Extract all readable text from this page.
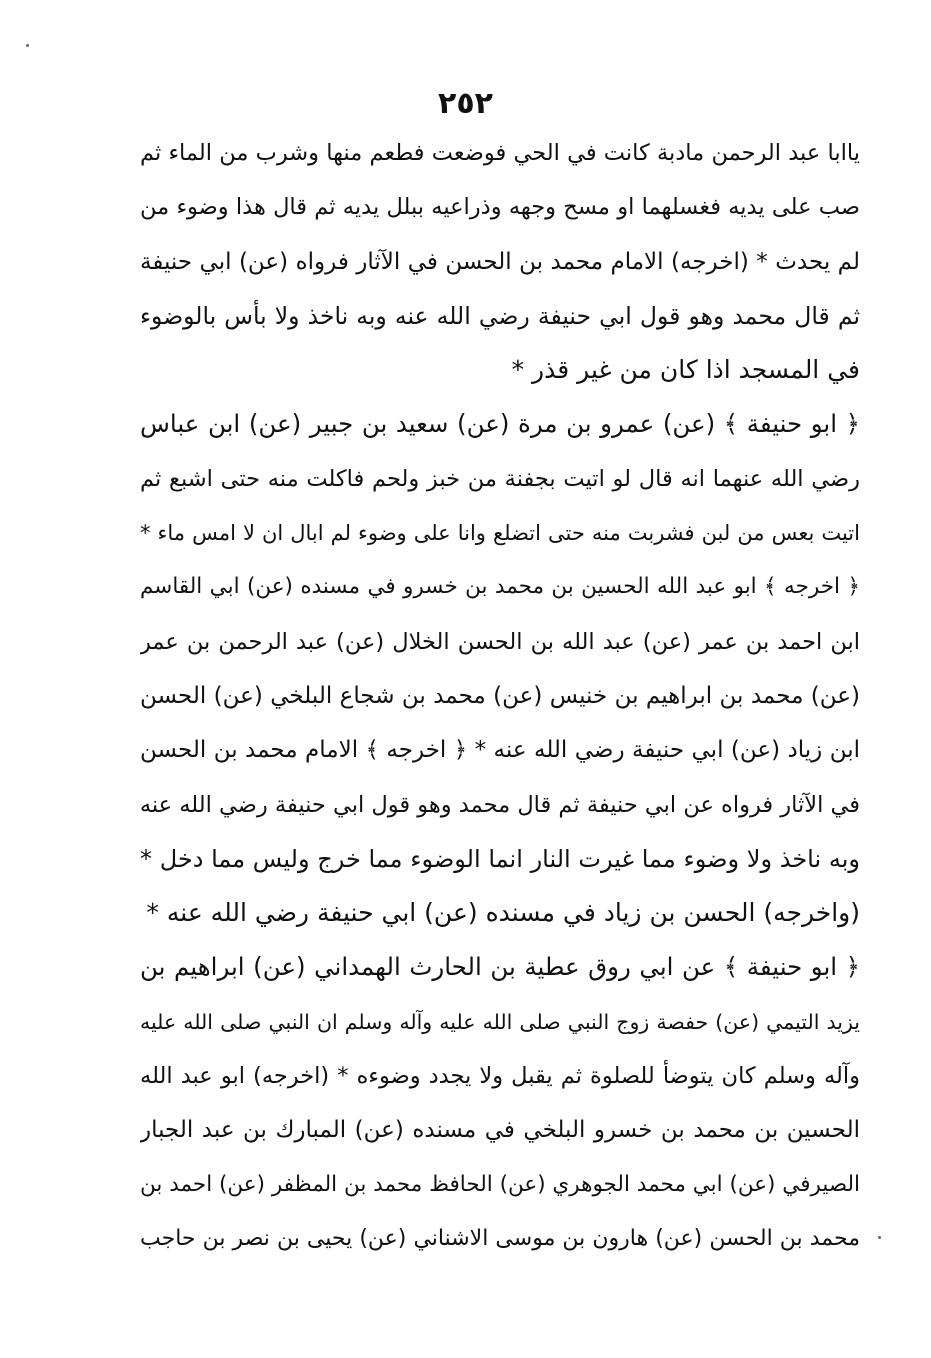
٢٥٢
ياابا عبد الرحمن مادبة كانت في الحي فوضعت فطعم منها وشرب من الماء ثم
صب على يديه فغسلهما او مسح وجهه وذراعيه ببلل يديه ثم قال هذا وضوء من
لم يحدث * (اخرجه) الامام محمد بن الحسن في الآثار فرواه (عن) ابي حنيفة
ثم قال محمد وهو قول ابي حنيفة رضي الله عنه وبه ناخذ ولا بأس بالوضوء
في المسجد اذا كان من غير قذر *
﴿ ابو حنيفة ﴾ (عن) عمرو بن مرة (عن) سعيد بن جبير (عن) ابن عباس
رضي الله عنهما انه قال لو اتيت بجفنة من خبز ولحم فاكلت منه حتى اشبع ثم
اتيت بعس من لبن فشربت منه حتى اتضلع وانا على وضوء لم ابال ان لا امس ماء *
﴿ اخرجه ﴾ ابو عبد الله الحسين بن محمد بن خسرو في مسنده (عن) ابي القاسم
ابن احمد بن عمر (عن) عبد الله بن الحسن الخلال (عن) عبد الرحمن بن عمر
(عن) محمد بن ابراهيم بن خنيس (عن) محمد بن شجاع البلخي (عن) الحسن
ابن زياد (عن) ابي حنيفة رضي الله عنه * ﴿ اخرجه ﴾ الامام محمد بن الحسن
في الآثار فرواه عن ابي حنيفة ثم قال محمد وهو قول ابي حنيفة رضي الله عنه
وبه ناخذ ولا وضوء مما غيرت النار انما الوضوء مما خرج وليس مما دخل *
(واخرجه) الحسن بن زياد في مسنده (عن) ابي حنيفة رضي الله عنه *
﴿ ابو حنيفة ﴾ عن ابي روق عطية بن الحارث الهمداني (عن) ابراهيم بن
يزيد التيمي (عن) حفصة زوج النبي صلى الله عليه وآله وسلم ان النبي صلى الله عليه
وآله وسلم كان يتوضأ للصلوة ثم يقبل ولا يجدد وضوءه * (اخرجه) ابو عبد الله
الحسين بن محمد بن خسرو البلخي في مسنده (عن) المبارك بن عبد الجبار
الصيرفي (عن) ابي محمد الجوهري (عن) الحافظ محمد بن المظفر (عن) احمد بن
محمد بن الحسن (عن) هارون بن موسى الاشناني (عن) يحيى بن نصر بن حاجب
